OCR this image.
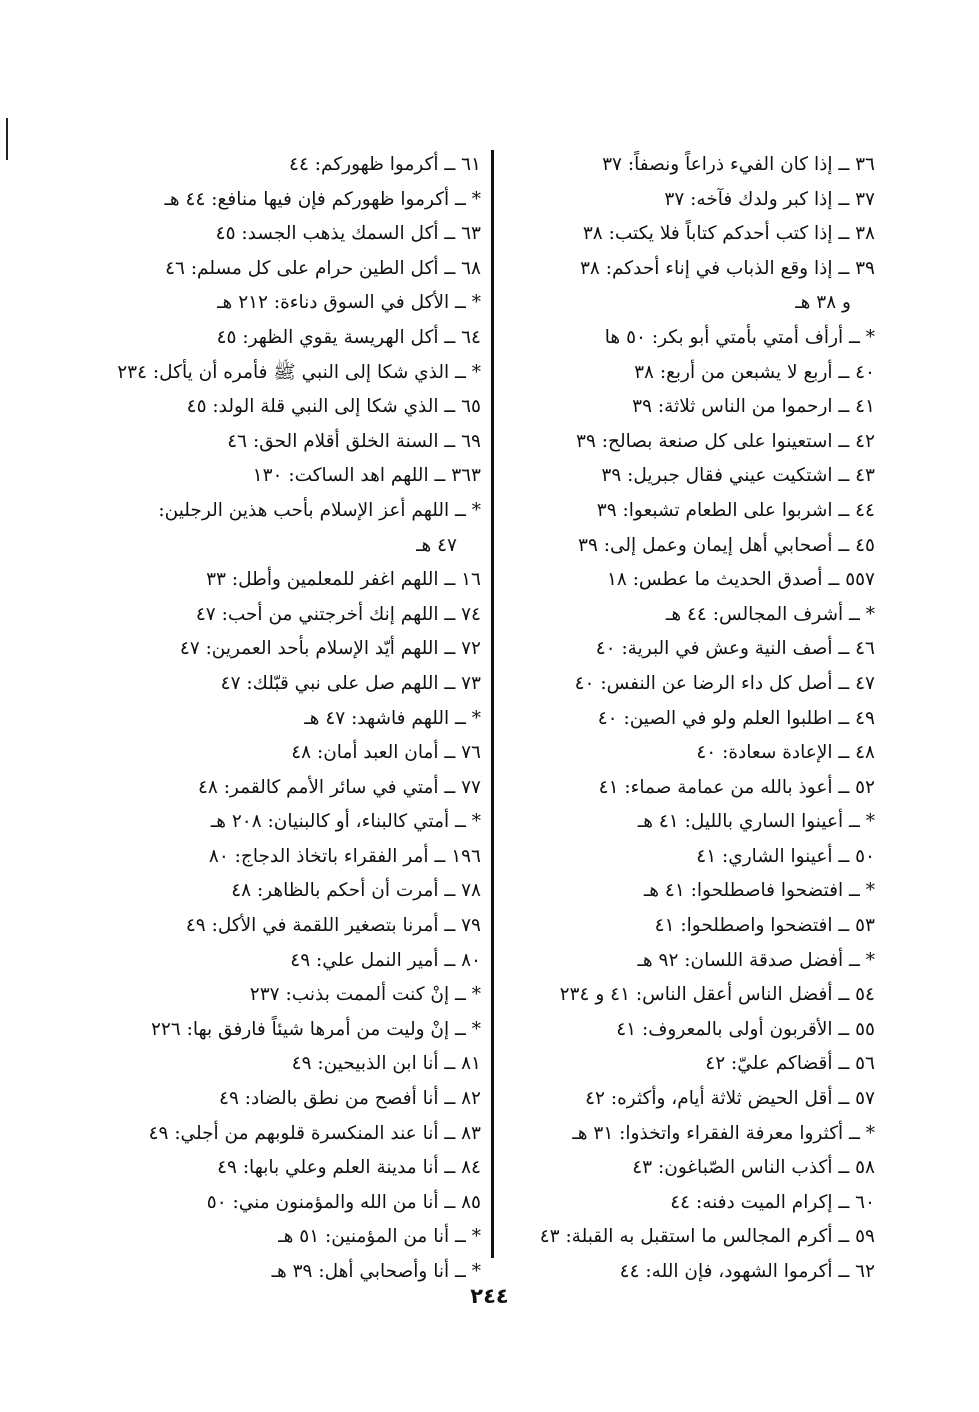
٣٦ ــ إذا كان الفيء ذراعاً ونصفاً: ٣٧
٣٧ ــ إذا كبر ولدك فآخه: ٣٧
٣٨ ــ إذا كتب أحدكم كتاباً فلا يكتب: ٣٨
٣٩ ــ إذا وقع الذباب في إناء أحدكم: ٣٨
و ٣٨ هـ
* ــ أرأف أمتي بأمتي أبو بكر: ٥٠ ها
٤٠ ــ أربع لا يشبعن من أربع: ٣٨
٤١ ــ ارحموا من الناس ثلاثة: ٣٩
٤٢ ــ استعينوا على كل صنعة بصالح: ٣٩
٤٣ ــ اشتكيت عيني فقال جبريل: ٣٩
٤٤ ــ اشربوا على الطعام تشبعوا: ٣٩
٤٥ ــ أصحابي أهل إيمان وعمل إلى: ٣٩
٥٥٧ ــ أصدق الحديث ما عطس: ١٨
* ــ أشرف المجالس: ٤٤ هـ
٤٦ ــ أصف النية وعش في البرية: ٤٠
٤٧ ــ أصل كل داء الرضا عن النفس: ٤٠
٤٩ ــ اطلبوا العلم ولو في الصين: ٤٠
٤٨ ــ الإعادة سعادة: ٤٠
٥٢ ــ أعوذ بالله من عمامة صماء: ٤١
* ــ أعينوا الساري بالليل: ٤١ هـ
٥٠ ــ أعينوا الشاري: ٤١
* ــ افتضحوا فاصطلحوا: ٤١ هـ
٥٣ ــ افتضحوا واصطلحوا: ٤١
* ــ أفضل صدقة اللسان: ٩٢ هـ
٥٤ ــ أفضل الناس أعقل الناس: ٤١ و ٢٣٤
٥٥ ــ الأقربون أولى بالمعروف: ٤١
٥٦ ــ أقضاكم عليّ: ٤٢
٥٧ ــ أقل الحيض ثلاثة أيام، وأكثره: ٤٢
* ــ أكثروا معرفة الفقراء واتخذوا: ٣١ هـ
٥٨ ــ أكذب الناس الصّباغون: ٤٣
٦٠ ــ إكرام الميت دفنه: ٤٤
٥٩ ــ أكرم المجالس ما استقبل به القبلة: ٤٣
٦٢ ــ أكرموا الشهود، فإن الله: ٤٤
٦١ ــ أكرموا ظهوركم: ٤٤
* ــ أكرموا ظهوركم فإن فيها منافع: ٤٤ هـ
٦٣ ــ أكل السمك يذهب الجسد: ٤٥
٦٨ ــ أكل الطين حرام على كل مسلم: ٤٦
* ــ الأكل في السوق دناءة: ٢١٢ هـ
٦٤ ــ أكل الهريسة يقوي الظهر: ٤٥
* ــ الذي شكا إلى النبي ﷺ فأمره أن يأكل: ٢٣٤
٦٥ ــ الذي شكا إلى النبي قلة الولد: ٤٥
٦٩ ــ السنة الخلق أقلام الحق: ٤٦
٣٦٣ ــ اللهم اهد الساكت: ١٣٠
* ــ اللهم أعز الإسلام بأحب هذين الرجلين:
٤٧ هـ
١٦ ــ اللهم اغفر للمعلمين وأطل: ٣٣
٧٤ ــ اللهم إنك أخرجتني من أحب: ٤٧
٧٢ ــ اللهم أيّد الإسلام بأحد العمرين: ٤٧
٧٣ ــ اللهم صل على نبي قبّلك: ٤٧
* ــ اللهم فاشهد: ٤٧ هـ
٧٦ ــ أمان العبد أمان: ٤٨
٧٧ ــ أمتي في سائر الأمم كالقمر: ٤٨
* ــ أمتي كالبناء، أو كالبنيان: ٢٠٨ هـ
١٩٦ ــ أمر الفقراء باتخاذ الدجاج: ٨٠
٧٨ ــ أمرت أن أحكم بالظاهر: ٤٨
٧٩ ــ أمرنا بتصغير اللقمة في الأكل: ٤٩
٨٠ ــ أمير النمل علي: ٤٩
* ــ إنْ كنت ألممت بذنب: ٢٣٧
* ــ إنْ وليت من أمرها شيئاً فارفق بها: ٢٢٦
٨١ ــ أنا ابن الذبيحين: ٤٩
٨٢ ــ أنا أفصح من نطق بالضاد: ٤٩
٨٣ ــ أنا عند المنكسرة قلوبهم من أجلي: ٤٩
٨٤ ــ أنا مدينة العلم وعلي بابها: ٤٩
٨٥ ــ أنا من الله والمؤمنون مني: ٥٠
* ــ أنا من المؤمنين: ٥١ هـ
* ــ أنا وأصحابي أهل: ٣٩ هـ
٢٤٤
